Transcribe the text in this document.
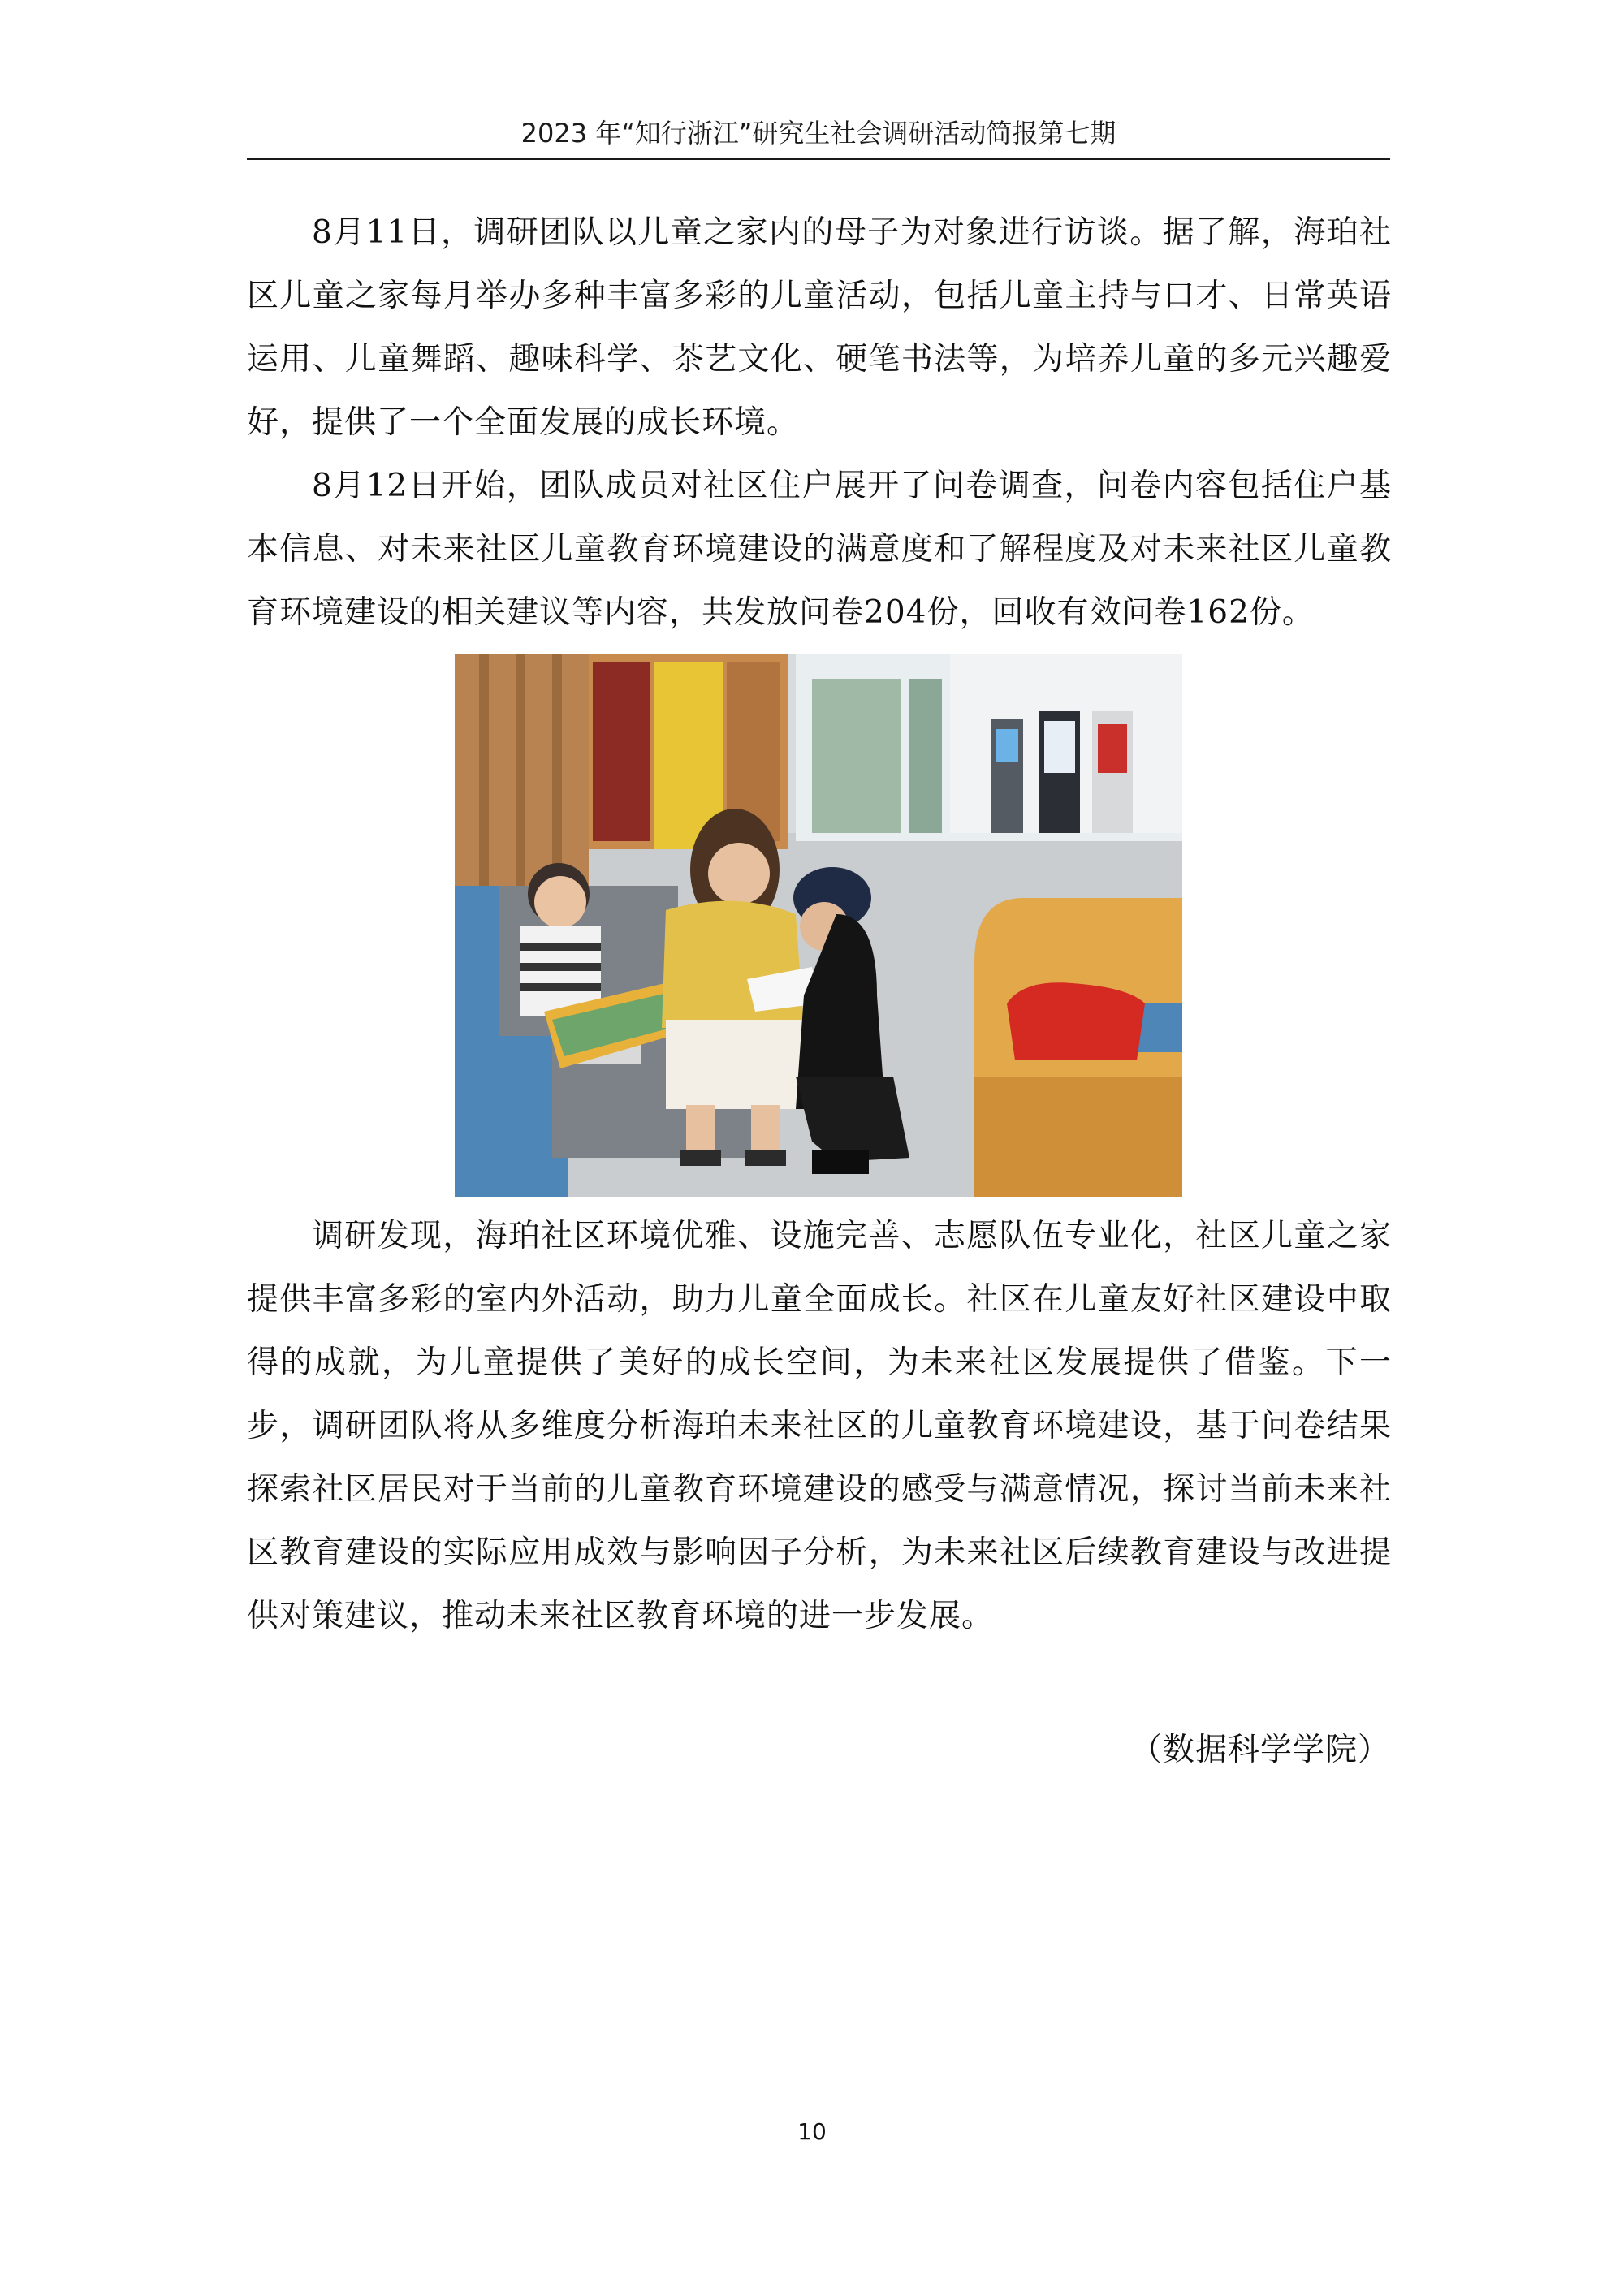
2023 年“知行浙江”研究生社会调研活动简报第七期

8月11日，调研团队以儿童之家内的母子为对象进行访谈。据了解，海珀社区儿童之家每月举办多种丰富多彩的儿童活动，包括儿童主持与口才、日常英语运用、儿童舞蹈、趣味科学、茶艺文化、硬笔书法等，为培养儿童的多元兴趣爱好，提供了一个全面发展的成长环境。

8月12日开始，团队成员对社区住户展开了问卷调查，问卷内容包括住户基本信息、对未来社区儿童教育环境建设的满意度和了解程度及对未来社区儿童教育环境建设的相关建议等内容，共发放问卷204份，回收有效问卷162份。

调研发现，海珀社区环境优雅、设施完善、志愿队伍专业化，社区儿童之家提供丰富多彩的室内外活动，助力儿童全面成长。社区在儿童友好社区建设中取得的成就，为儿童提供了美好的成长空间，为未来社区发展提供了借鉴。下一步，调研团队将从多维度分析海珀未来社区的儿童教育环境建设，基于问卷结果探索社区居民对于当前的儿童教育环境建设的感受与满意情况，探讨当前未来社区教育建设的实际应用成效与影响因子分析，为未来社区后续教育建设与改进提供对策建议，推动未来社区教育环境的进一步发展。

（数据科学学院）
10
